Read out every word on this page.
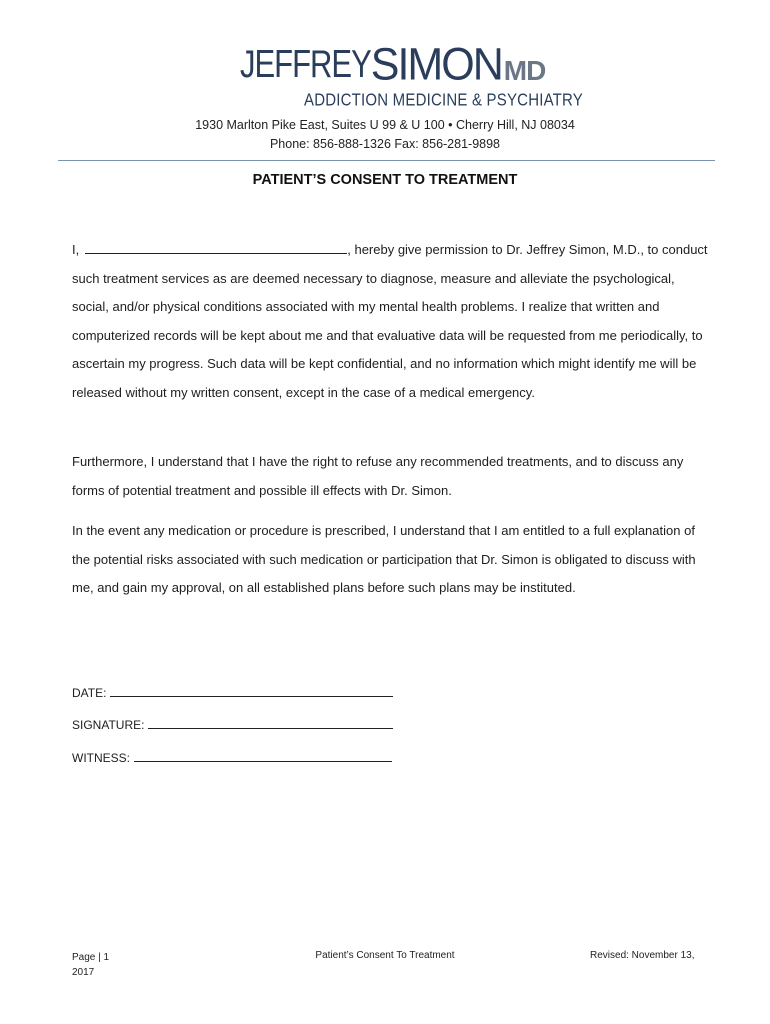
JEFFREYSIMONMD
ADDICTION MEDICINE & PSYCHIATRY
1930 Marlton Pike East, Suites U 99 & U 100 • Cherry Hill, NJ 08034
Phone: 856-888-1326 Fax: 856-281-9898
PATIENT’S CONSENT TO TREATMENT
I,	, hereby give permission to Dr. Jeffrey Simon, M.D., to conduct such treatment services as are deemed necessary to diagnose, measure and alleviate the psychological, social, and/or physical conditions associated with my mental health problems. I realize that written and computerized records will be kept about me and that evaluative data will be requested from me periodically, to ascertain my progress. Such data will be kept confidential, and no information which might identify me will be released without my written consent, except in the case of a medical emergency.
Furthermore, I understand that I have the right to refuse any recommended treatments, and to discuss any forms of potential treatment and possible ill effects with Dr. Simon.
In the event any medication or procedure is prescribed, I understand that I am entitled to a full explanation of the potential risks associated with such medication or participation that Dr. Simon is obligated to discuss with me, and gain my approval, on all established plans before such plans may be instituted.
DATE:
SIGNATURE:
WITNESS:
Page | 1
2017
Patient’s Consent To Treatment	Revised: November 13,
